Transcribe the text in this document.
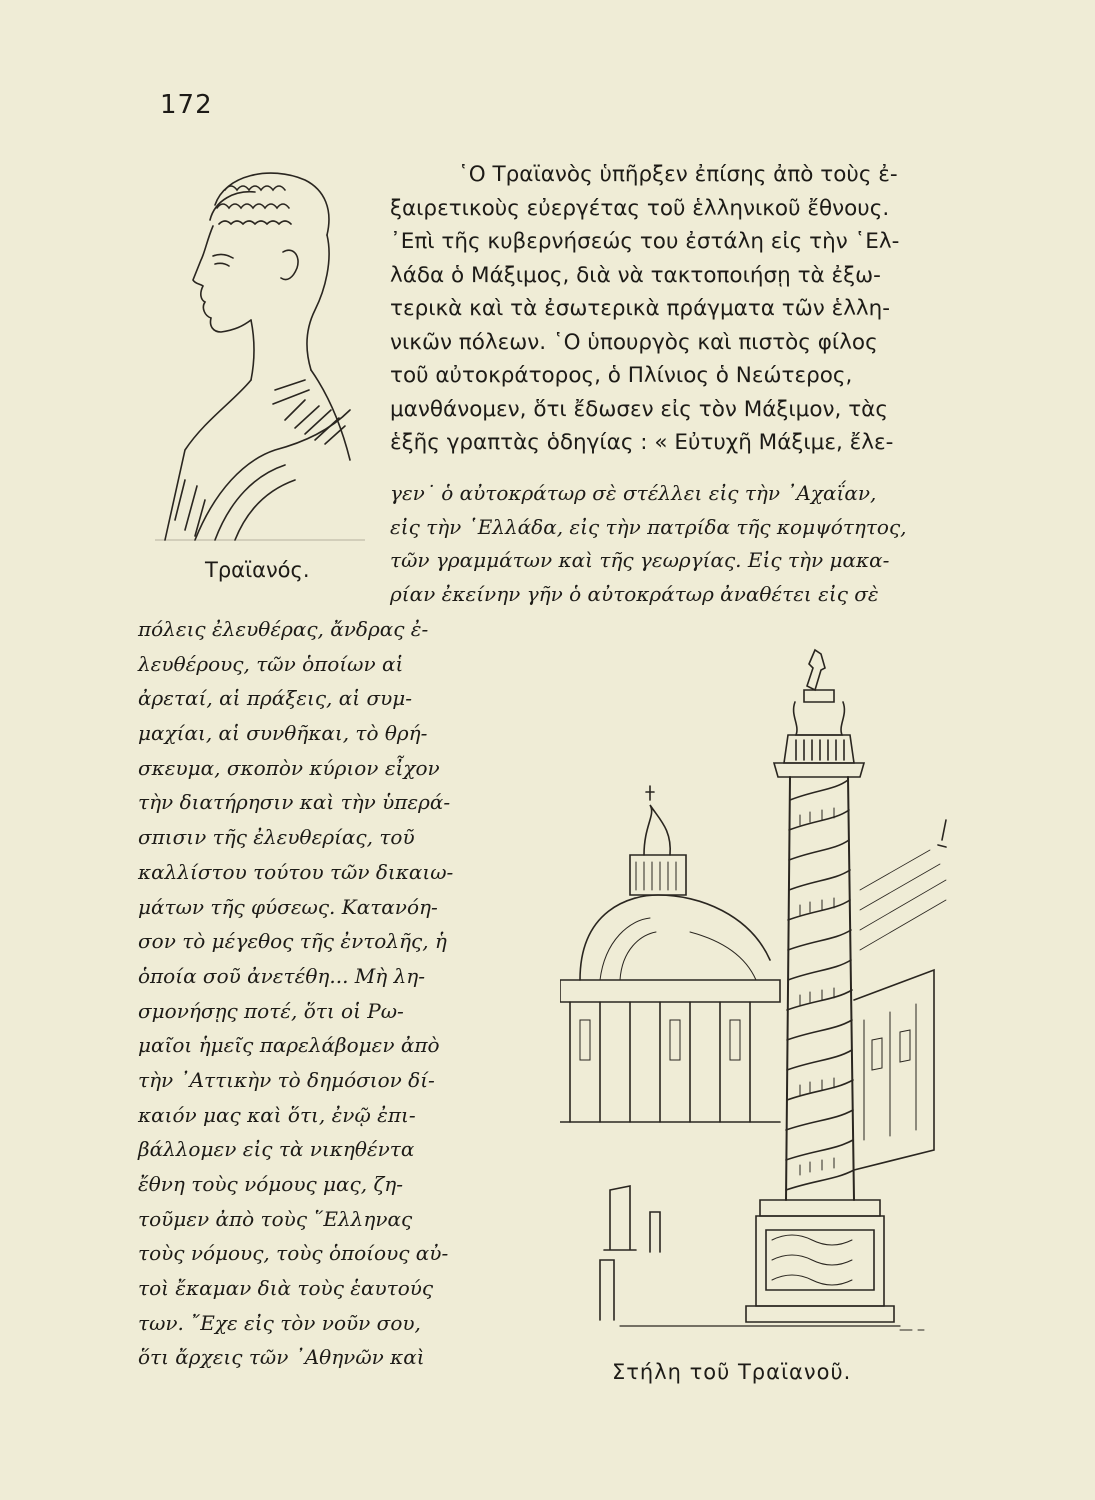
172
῾Ο Τραϊανὸς ὑπῆρξεν ἐπίσης ἀπὸ τοὺς ἐ-
ξαιρετικοὺς εὐεργέτας τοῦ ἑλληνικοῦ ἔθνους.
᾿Επὶ τῆς κυβερνήσεώς του ἐστάλη εἰς τὴν ῾Ελ-
λάδα ὁ Μάξιμος, διὰ νὰ τακτοποιήσῃ τὰ ἐξω-
τερικὰ καὶ τὰ ἐσωτερικὰ πράγματα τῶν ἑλλη-
νικῶν πόλεων. ῾Ο ὑπουργὸς καὶ πιστὸς φίλος
τοῦ αὐτοκράτορος, ὁ Πλίνιος ὁ Νεώτερος,
μανθάνομεν, ὅτι ἔδωσεν εἰς τὸν Μάξιμον, τὰς
ἑξῆς γραπτὰς ὁδηγίας : « Εὐτυχῆ Μάξιμε, ἔλε-
γεν˙ ὁ αὐτοκράτωρ σὲ στέλλει εἰς τὴν ᾿Αχαΐαν,
εἰς τὴν ῾Ελλάδα, εἰς τὴν πατρίδα τῆς κομψότητος,
τῶν γραμμάτων καὶ τῆς γεωργίας. Εἰς τὴν μακα-
ρίαν ἐκείνην γῆν ὁ αὐτοκράτωρ ἀναθέτει εἰς σὲ
Τραϊανός.
πόλεις ἐλευθέρας, ἄνδρας ἐ-
λευθέρους, τῶν ὁποίων αἱ
ἀρεταί, αἱ πράξεις, αἱ συμ-
μαχίαι, αἱ συνθῆκαι, τὸ θρή-
σκευμα, σκοπὸν κύριον εἶχον
τὴν διατήρησιν καὶ τὴν ὑπερά-
σπισιν τῆς ἐλευθερίας, τοῦ
καλλίστου τούτου τῶν δικαιω-
μάτων τῆς φύσεως. Κατανόη-
σον τὸ μέγεθος τῆς ἐντολῆς, ἡ
ὁποία σοῦ ἀνετέθη... Μὴ λη-
σμονήσῃς ποτέ, ὅτι οἱ Ρω-
μαῖοι ἡμεῖς παρελάβομεν ἀπὸ
τὴν ᾿Αττικὴν τὸ δημόσιον δί-
καιόν μας καὶ ὅτι, ἐνῷ ἐπι-
βάλλομεν εἰς τὰ νικηθέντα
ἔθνη τοὺς νόμους μας, ζη-
τοῦμεν ἀπὸ τοὺς ῞Ελληνας
τοὺς νόμους, τοὺς ὁποίους αὐ-
τοὶ ἔκαμαν διὰ τοὺς ἑαυτούς
των. ῎Εχε εἰς τὸν νοῦν σου,
ὅτι ἄρχεις τῶν ᾿Αθηνῶν καὶ
Στήλη τοῦ Τραϊανοῦ.
